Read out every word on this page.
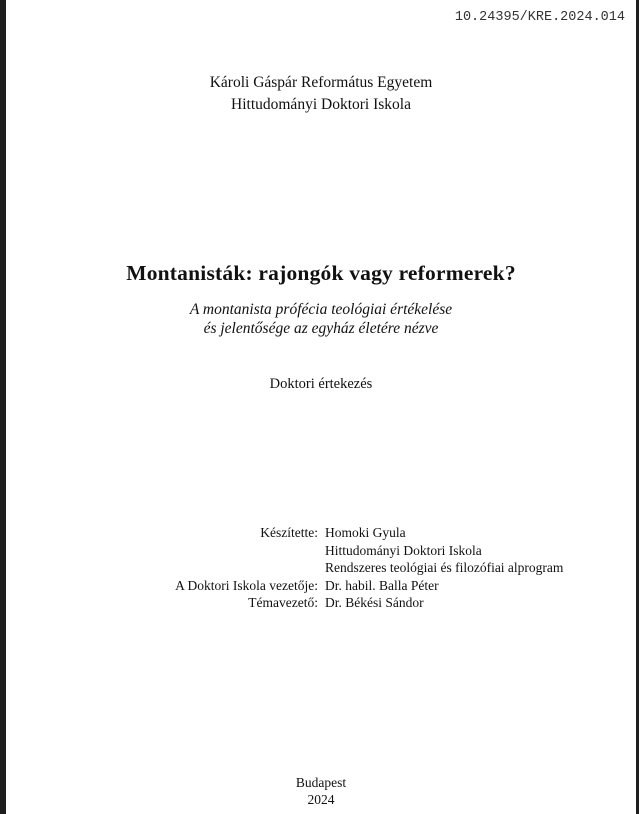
10.24395/KRE.2024.014
Károli Gáspár Református Egyetem
Hittudományi Doktori Iskola
Montanisták: rajongók vagy reformerek?
A montanista prófécia teológiai értékelése
és jelentősége az egyház életére nézve
Doktori értekezés
Készítette: Homoki Gyula
Hittudományi Doktori Iskola
Rendszeres teológiai és filozófiai alprogram
A Doktori Iskola vezetője: Dr. habil. Balla Péter
Témavezető: Dr. Békési Sándor
Budapest
2024
